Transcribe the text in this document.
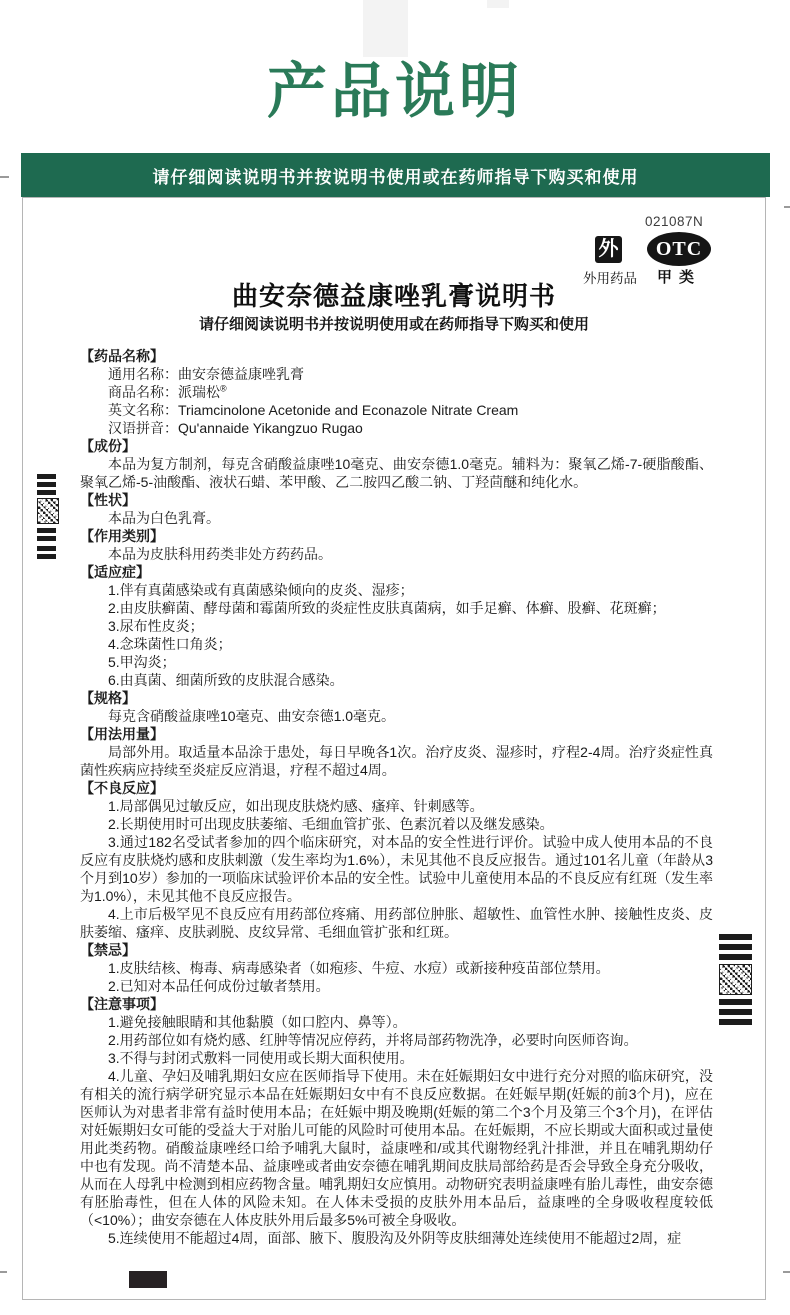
产品说明
请仔细阅读说明书并按说明书使用或在药师指导下购买和使用
021087N
外
外用药品
OTC
甲类
曲安奈德益康唑乳膏说明书
请仔细阅读说明书并按说明使用或在药师指导下购买和使用
【药品名称】

通用名称：曲安奈德益康唑乳膏

商品名称：派瑞松®

英文名称：Triamcinolone Acetonide and Econazole Nitrate Cream

汉语拼音：Qu'annaide Yikangzuo Rugao

【成份】

本品为复方制剂，每克含硝酸益康唑10毫克、曲安奈德1.0毫克。辅料为：聚氧乙烯-7-硬脂酸酯、聚氧乙烯-5-油酸酯、液状石蜡、苯甲酸、乙二胺四乙酸二钠、丁羟茴醚和纯化水。

【性状】

本品为白色乳膏。

【作用类别】

本品为皮肤科用药类非处方药药品。

【适应症】

1.伴有真菌感染或有真菌感染倾向的皮炎、湿疹；

2.由皮肤癣菌、酵母菌和霉菌所致的炎症性皮肤真菌病，如手足癣、体癣、股癣、花斑癣；

3.尿布性皮炎；

4.念珠菌性口角炎；

5.甲沟炎；

6.由真菌、细菌所致的皮肤混合感染。

【规格】

每克含硝酸益康唑10毫克、曲安奈德1.0毫克。

【用法用量】

局部外用。取适量本品涂于患处，每日早晚各1次。治疗皮炎、湿疹时，疗程2-4周。治疗炎症性真菌性疾病应持续至炎症反应消退，疗程不超过4周。

【不良反应】

1.局部偶见过敏反应，如出现皮肤烧灼感、瘙痒、针刺感等。

2.长期使用时可出现皮肤萎缩、毛细血管扩张、色素沉着以及继发感染。

3.通过182名受试者参加的四个临床研究，对本品的安全性进行评价。试验中成人使用本品的不良反应有皮肤烧灼感和皮肤刺激（发生率均为1.6%），未见其他不良反应报告。通过101名儿童（年龄从3个月到10岁）参加的一项临床试验评价本品的安全性。试验中儿童使用本品的不良反应有红斑（发生率为1.0%），未见其他不良反应报告。

4.上市后极罕见不良反应有用药部位疼痛、用药部位肿胀、超敏性、血管性水肿、接触性皮炎、皮肤萎缩、瘙痒、皮肤剥脱、皮纹异常、毛细血管扩张和红斑。

【禁忌】

1.皮肤结核、梅毒、病毒感染者（如疱疹、牛痘、水痘）或新接种疫苗部位禁用。

2.已知对本品任何成份过敏者禁用。

【注意事项】

1.避免接触眼睛和其他黏膜（如口腔内、鼻等）。

2.用药部位如有烧灼感、红肿等情况应停药，并将局部药物洗净，必要时向医师咨询。

3.不得与封闭式敷料一同使用或长期大面积使用。

4.儿童、孕妇及哺乳期妇女应在医师指导下使用。未在妊娠期妇女中进行充分对照的临床研究，没有相关的流行病学研究显示本品在妊娠期妇女中有不良反应数据。在妊娠早期(妊娠的前3个月)，应在医师认为对患者非常有益时使用本品；在妊娠中期及晚期(妊娠的第二个3个月及第三个3个月)，在评估对妊娠期妇女可能的受益大于对胎儿可能的风险时可使用本品。在妊娠期，不应长期或大面积或过量使用此类药物。硝酸益康唑经口给予哺乳大鼠时，益康唑和/或其代谢物经乳汁排泄，并且在哺乳期幼仔中也有发现。尚不清楚本品、益康唑或者曲安奈德在哺乳期间皮肤局部给药是否会导致全身充分吸收，从而在人母乳中检测到相应药物含量。哺乳期妇女应慎用。动物研究表明益康唑有胎儿毒性，曲安奈德有胚胎毒性，但在人体的风险未知。在人体未受损的皮肤外用本品后，益康唑的全身吸收程度较低（<10%）；曲安奈德在人体皮肤外用后最多5%可被全身吸收。

5.连续使用不能超过4周，面部、腋下、腹股沟及外阴等皮肤细薄处连续使用不能超过2周，症
